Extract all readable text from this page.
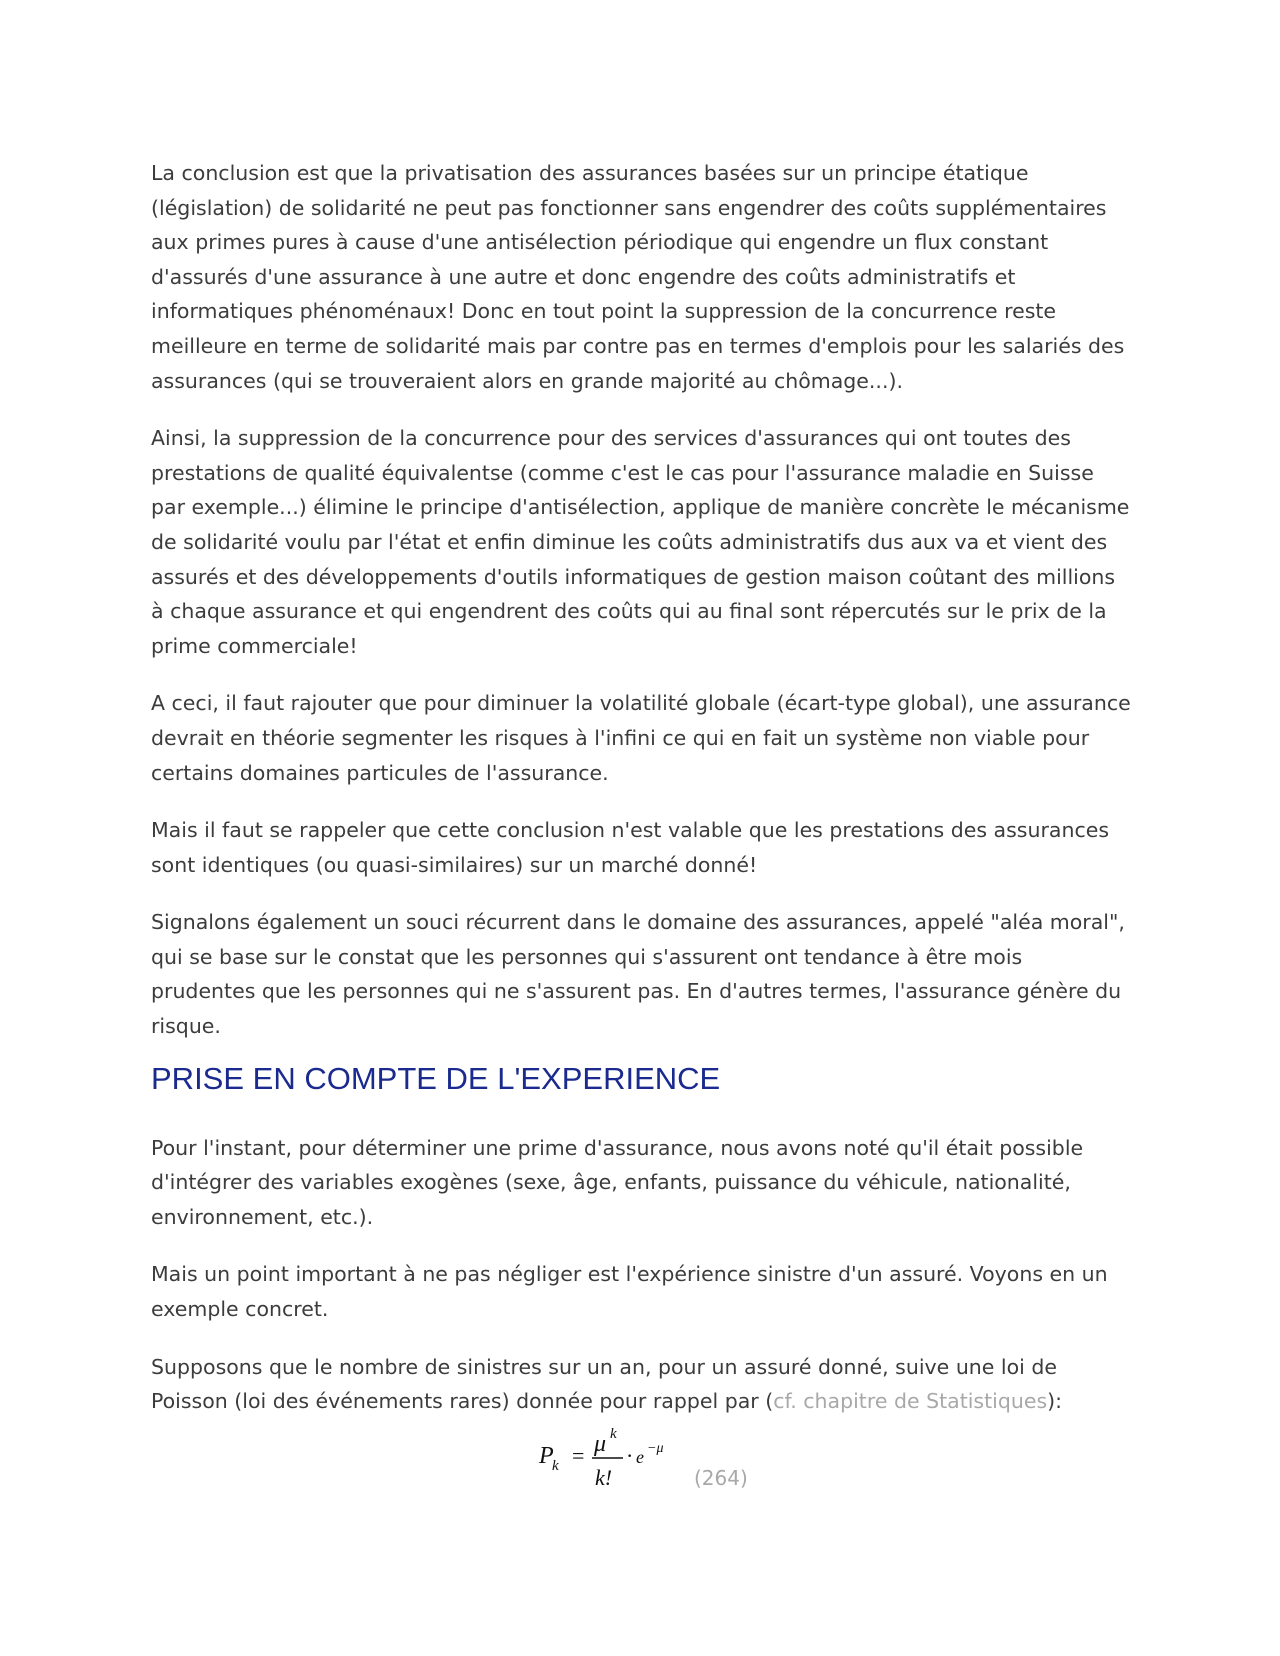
La conclusion est que la privatisation des assurances basées sur un principe étatique (législation) de solidarité ne peut pas fonctionner sans engendrer des coûts supplémentaires aux primes pures à cause d'une antisélection périodique qui engendre un flux constant d'assurés d'une assurance à une autre et donc engendre des coûts administratifs et informatiques phénoménaux! Donc en tout point la suppression de la concurrence reste meilleure en terme de solidarité mais par contre pas en termes d'emplois pour les salariés des assurances (qui se trouveraient alors en grande majorité au chômage...).

Ainsi, la suppression de la concurrence pour des services d'assurances qui ont toutes des prestations de qualité équivalentse (comme c'est le cas pour l'assurance maladie en Suisse par exemple...) élimine le principe d'antisélection, applique de manière concrète le mécanisme de solidarité voulu par l'état et enfin diminue les coûts administratifs dus aux va et vient des assurés et des développements d'outils informatiques de gestion maison coûtant des millions à chaque assurance et qui engendrent des coûts qui au final sont répercutés sur le prix de la prime commerciale!

A ceci, il faut rajouter que pour diminuer la volatilité globale (écart-type global), une assurance devrait en théorie segmenter les risques à l'infini ce qui en fait un système non viable pour certains domaines particules de l'assurance.

Mais il faut se rappeler que cette conclusion n'est valable que les prestations des assurances sont identiques (ou quasi-similaires) sur un marché donné!

Signalons également un souci récurrent dans le domaine des assurances, appelé "aléa moral", qui se base sur le constat que les personnes qui s'assurent ont tendance à être mois prudentes que les personnes qui ne s'assurent pas. En d'autres termes, l'assurance génère du risque.

PRISE EN COMPTE DE L'EXPERIENCE

Pour l'instant, pour déterminer une prime d'assurance, nous avons noté qu'il était possible d'intégrer des variables exogènes (sexe, âge, enfants, puissance du véhicule, nationalité, environnement, etc.).

Mais un point important à ne pas négliger est l'expérience sinistre d'un assuré. Voyons en un exemple concret.

Supposons que le nombre de sinistres sur un an, pour un assuré donné, suive une loi de Poisson (loi des événements rares) donnée pour rappel par (cf. chapitre de Statistiques):

P
k = μ k
k!
· e −μ
(264)
